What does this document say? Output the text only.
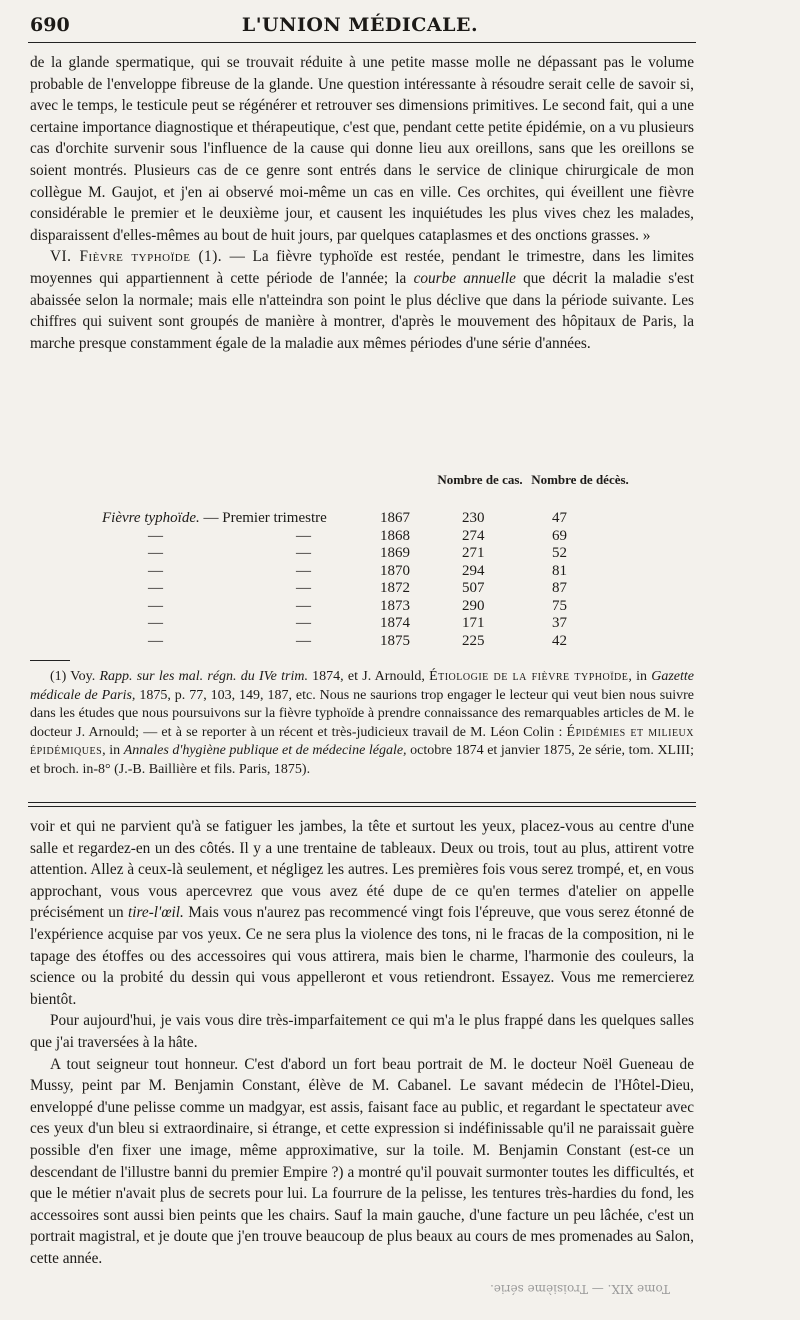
690	L'UNION MÉDICALE.

de la glande spermatique, qui se trouvait réduite à une petite masse molle ne dépassant pas le volume probable de l'enveloppe fibreuse de la glande. Une question intéressante à résoudre serait celle de savoir si, avec le temps, le testicule peut se régénérer et retrouver ses dimensions primitives. Le second fait, qui a une certaine importance diagnostique et thérapeutique, c'est que, pendant cette petite épidémie, on a vu plusieurs cas d'orchite survenir sous l'influence de la cause qui donne lieu aux oreillons, sans que les oreillons se soient montrés. Plusieurs cas de ce genre sont entrés dans le service de clinique chirurgicale de mon collègue M. Gaujot, et j'en ai observé moi-même un cas en ville. Ces orchites, qui éveillent une fièvre considérable le premier et le deuxième jour, et causent les inquiétudes les plus vives chez les malades, disparaissent d'elles-mêmes au bout de huit jours, par quelques cataplasmes et des onctions grasses. »

VI. Fièvre typhoïde (1). — La fièvre typhoïde est restée, pendant le trimestre, dans les limites moyennes qui appartiennent à cette période de l'année; la courbe annuelle que décrit la maladie s'est abaissée selon la normale; mais elle n'atteindra son point le plus déclive que dans la période suivante. Les chiffres qui suivent sont groupés de manière à montrer, d'après le mouvement des hôpitaux de Paris, la marche presque constamment égale de la maladie aux mêmes périodes d'une série d'années.

Nombre de cas. Nombre de décès.
Fièvre typhoïde. — Premier trimestre	1867	230	47
—	—	1868	274	69
—	—	1869	271	52
—	—	1870	294	81
—	—	1872	507	87
—	—	1873	290	75
—	—	1874	171	37
—	—	1875	225	42

(1) Voy. Rapp. sur les mal. régn. du IVe trim. 1874, et J. Arnould, Étiologie de la fièvre typhoïde, in Gazette médicale de Paris, 1875, p. 77, 103, 149, 187, etc. Nous ne saurions trop engager le lecteur qui veut bien nous suivre dans les études que nous poursuivons sur la fièvre typhoïde à prendre connaissance des remarquables articles de M. le docteur J. Arnould; — et à se reporter à un récent et très-judicieux travail de M. Léon Colin : Épidémies et milieux épidémiques, in Annales d'hygiène publique et de médecine légale, octobre 1874 et janvier 1875, 2e série, tom. XLIII; et broch. in-8° (J.-B. Baillière et fils. Paris, 1875).

voir et qui ne parvient qu'à se fatiguer les jambes, la tête et surtout les yeux, placez-vous au centre d'une salle et regardez-en un des côtés. Il y a une trentaine de tableaux. Deux ou trois, tout au plus, attirent votre attention. Allez à ceux-là seulement, et négligez les autres. Les premières fois vous serez trompé, et, en vous approchant, vous vous apercevrez que vous avez été dupe de ce qu'en termes d'atelier on appelle précisément un tire-l'œil. Mais vous n'aurez pas recommencé vingt fois l'épreuve, que vous serez étonné de l'expérience acquise par vos yeux. Ce ne sera plus la violence des tons, ni le fracas de la composition, ni le tapage des étoffes ou des accessoires qui vous attirera, mais bien le charme, l'harmonie des couleurs, la science ou la probité du dessin qui vous appelleront et vous retiendront. Essayez. Vous me remercierez bientôt.

Pour aujourd'hui, je vais vous dire très-imparfaitement ce qui m'a le plus frappé dans les quelques salles que j'ai traversées à la hâte.

A tout seigneur tout honneur. C'est d'abord un fort beau portrait de M. le docteur Noël Gueneau de Mussy, peint par M. Benjamin Constant, élève de M. Cabanel. Le savant médecin de l'Hôtel-Dieu, enveloppé d'une pelisse comme un madgyar, est assis, faisant face au public, et regardant le spectateur avec ces yeux d'un bleu si extraordinaire, si étrange, et cette expression si indéfinissable qu'il ne paraissait guère possible d'en fixer une image, même approximative, sur la toile. M. Benjamin Constant (est-ce un descendant de l'illustre banni du premier Empire ?) a montré qu'il pouvait surmonter toutes les difficultés, et que le métier n'avait plus de secrets pour lui. La fourrure de la pelisse, les tentures très-hardies du fond, les accessoires sont aussi bien peints que les chairs. Sauf la main gauche, d'une facture un peu lâchée, c'est un portrait magistral, et je doute que j'en trouve beaucoup de plus beaux au cours de mes promenades au Salon, cette année.

Tome XIX. — Troisième série.
